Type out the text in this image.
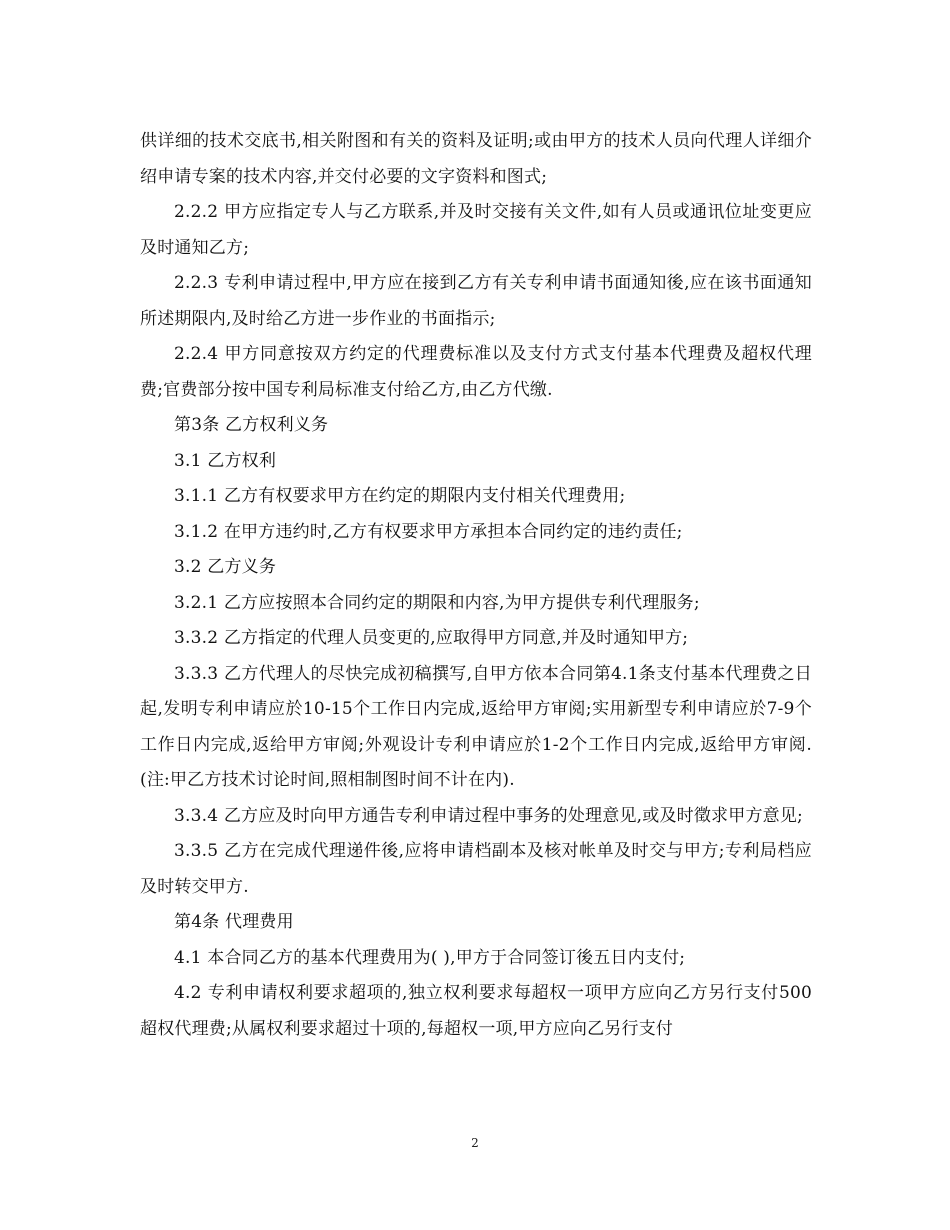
供详细的技术交底书,相关附图和有关的资料及证明;或由甲方的技术人员向代理人详细介绍申请专案的技术内容,并交付必要的文字资料和图式;

2.2.2 甲方应指定专人与乙方联系,并及时交接有关文件,如有人员或通讯位址变更应及时通知乙方;

2.2.3 专利申请过程中,甲方应在接到乙方有关专利申请书面通知後,应在该书面通知所述期限内,及时给乙方进一步作业的书面指示;

2.2.4 甲方同意按双方约定的代理费标准以及支付方式支付基本代理费及超权代理费;官费部分按中国专利局标准支付给乙方,由乙方代缴.

第3条 乙方权利义务

3.1 乙方权利

3.1.1 乙方有权要求甲方在约定的期限内支付相关代理费用;

3.1.2 在甲方违约时,乙方有权要求甲方承担本合同约定的违约责任;

3.2 乙方义务

3.2.1 乙方应按照本合同约定的期限和内容,为甲方提供专利代理服务;

3.3.2 乙方指定的代理人员变更的,应取得甲方同意,并及时通知甲方;

3.3.3 乙方代理人的尽快完成初稿撰写,自甲方依本合同第4.1条支付基本代理费之日起,发明专利申请应於10-15个工作日内完成,返给甲方审阅;实用新型专利申请应於7-9个工作日内完成,返给甲方审阅;外观设计专利申请应於1-2个工作日内完成,返给甲方审阅.(注:甲乙方技术讨论时间,照相制图时间不计在内).

3.3.4 乙方应及时向甲方通告专利申请过程中事务的处理意见,或及时徵求甲方意见;

3.3.5 乙方在完成代理递件後,应将申请档副本及核对帐单及时交与甲方;专利局档应及时转交甲方.

第4条 代理费用

4.1 本合同乙方的基本代理费用为( ),甲方于合同签订後五日内支付;

4.2 专利申请权利要求超项的,独立权利要求每超权一项甲方应向乙方另行支付500超权代理费;从属权利要求超过十项的,每超权一项,甲方应向乙另行支付

2
